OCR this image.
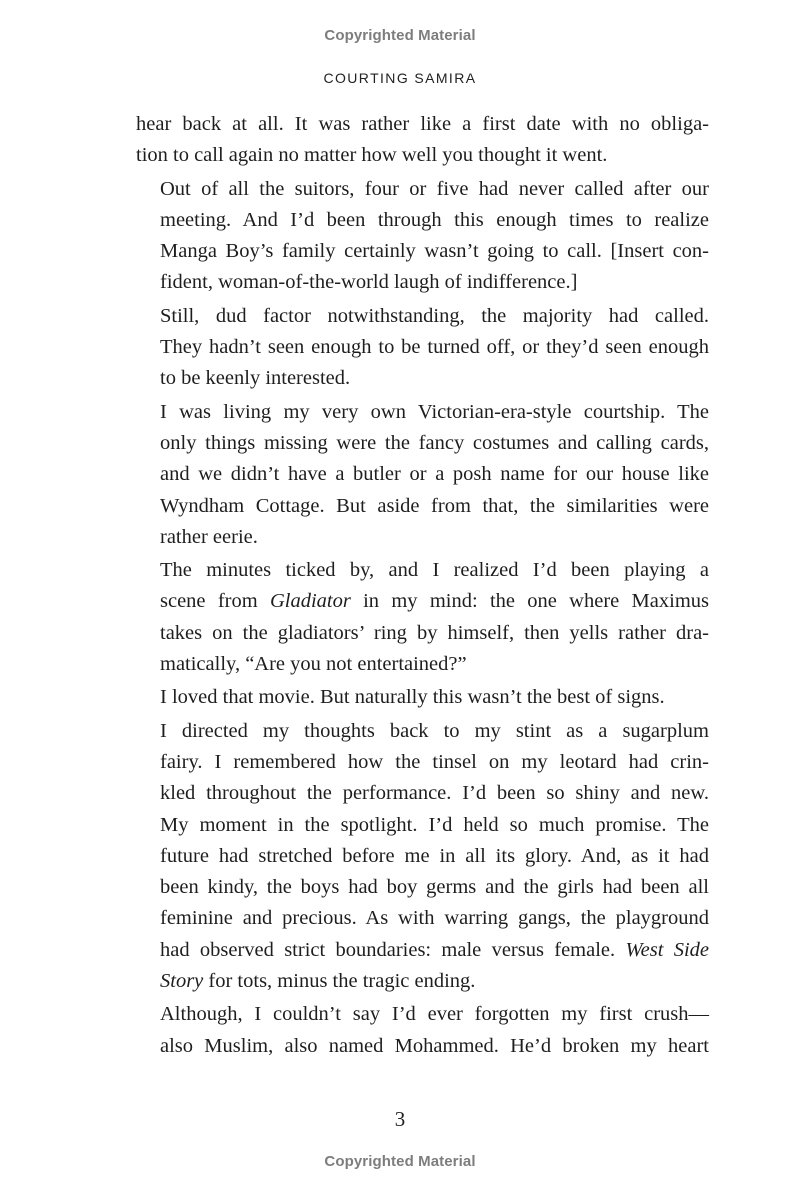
Copyrighted Material
COURTING SAMIRA

hear back at all. It was rather like a first date with no obliga-
tion to call again no matter how well you thought it went.

Out of all the suitors, four or five had never called after our
meeting. And I’d been through this enough times to realize
Manga Boy’s family certainly wasn’t going to call. [Insert con-
fident, woman-of-the-world laugh of indifference.]

Still, dud factor notwithstanding, the majority had called.
They hadn’t seen enough to be turned off, or they’d seen enough
to be keenly interested.

I was living my very own Victorian-era-style courtship. The
only things missing were the fancy costumes and calling cards,
and we didn’t have a butler or a posh name for our house like
Wyndham Cottage. But aside from that, the similarities were
rather eerie.

The minutes ticked by, and I realized I’d been playing a
scene from Gladiator in my mind: the one where Maximus
takes on the gladiators’ ring by himself, then yells rather dra-
matically, “Are you not entertained?”

I loved that movie. But naturally this wasn’t the best of signs.

I directed my thoughts back to my stint as a sugarplum
fairy. I remembered how the tinsel on my leotard had crin-
kled throughout the performance. I’d been so shiny and new.
My moment in the spotlight. I’d held so much promise. The
future had stretched before me in all its glory. And, as it had
been kindy, the boys had boy germs and the girls had been all
feminine and precious. As with warring gangs, the playground
had observed strict boundaries: male versus female. West Side
Story for tots, minus the tragic ending.

Although, I couldn’t say I’d ever forgotten my first crush—
also Muslim, also named Mohammed. He’d broken my heart

3
Copyrighted Material
